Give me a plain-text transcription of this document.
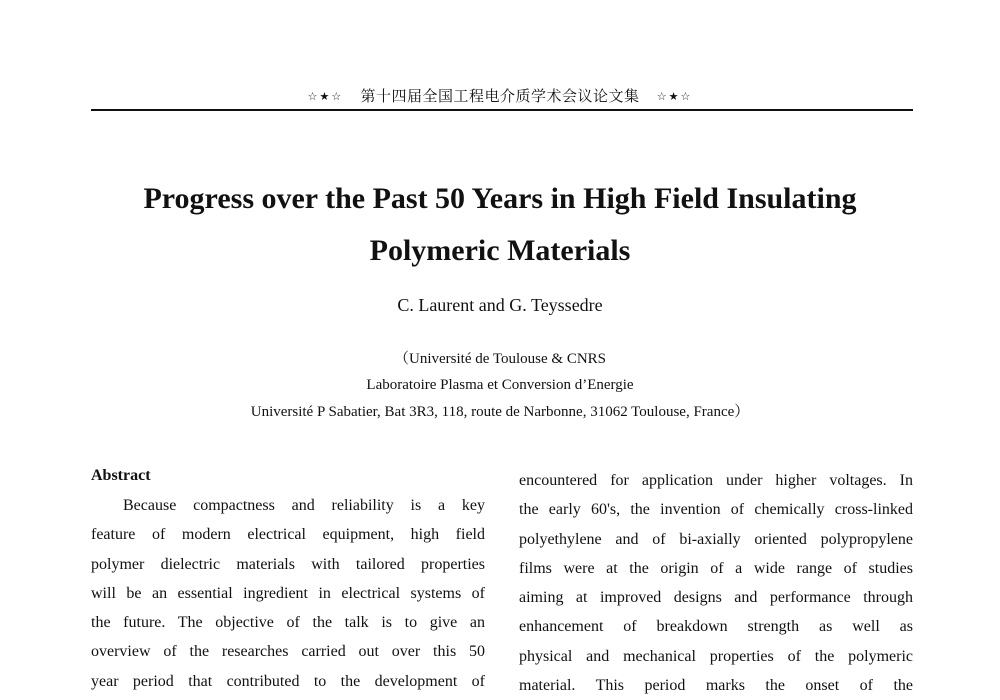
☆★☆ 第十四届全国工程电介质学术会议论文集 ☆★☆
Progress over the Past 50 Years in High Field Insulating
Polymeric Materials
C. Laurent and G. Teyssedre
（Université de Toulouse & CNRS
Laboratoire Plasma et Conversion d’Energie
Université P Sabatier, Bat 3R3, 118, route de Narbonne, 31062 Toulouse, France）
Abstract
Because compactness and reliability is a key
feature of modern electrical equipment, high field
polymer dielectric materials with tailored properties
will be an essential ingredient in electrical systems of
the future. The objective of the talk is to give an
overview of the researches carried out over this 50
year period that contributed to the development of
encountered for application under higher voltages. In
the early 60's, the invention of chemically cross-linked
polyethylene and of bi-axially oriented polypropylene
films were at the origin of a wide range of studies
aiming at improved designs and performance through
enhancement of breakdown strength as well as
physical and mechanical properties of the polymeric
material. This period marks the onset of the
